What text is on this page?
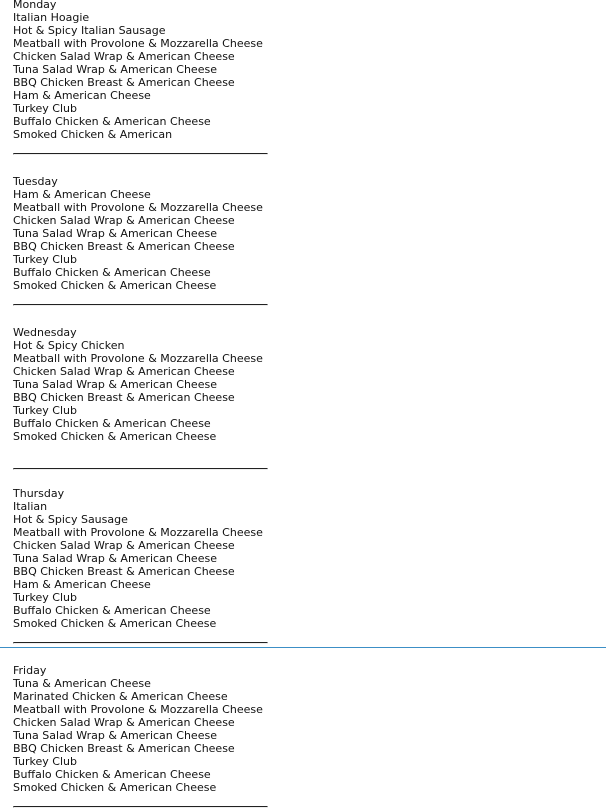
Monday
Italian Hoagie
Hot & Spicy Italian Sausage
Meatball with Provolone & Mozzarella Cheese
Chicken Salad Wrap & American Cheese
Tuna Salad Wrap & American Cheese
BBQ Chicken Breast & American Cheese
Ham & American Cheese
Turkey Club
Buffalo Chicken & American Cheese
Smoked Chicken & American
Tuesday
Ham & American Cheese
Meatball with Provolone & Mozzarella Cheese
Chicken Salad Wrap & American Cheese
Tuna Salad Wrap & American Cheese
BBQ Chicken Breast & American Cheese
Turkey Club
Buffalo Chicken & American Cheese
Smoked Chicken & American Cheese
Wednesday
Hot & Spicy Chicken
Meatball with Provolone & Mozzarella Cheese
Chicken Salad Wrap & American Cheese
Tuna Salad Wrap & American Cheese
BBQ Chicken Breast & American Cheese
Turkey Club
Buffalo Chicken & American Cheese
Smoked Chicken & American Cheese
Thursday
Italian
Hot & Spicy Sausage
Meatball with Provolone & Mozzarella Cheese
Chicken Salad Wrap & American Cheese
Tuna Salad Wrap & American Cheese
BBQ Chicken Breast & American Cheese
Ham & American Cheese
Turkey Club
Buffalo Chicken & American Cheese
Smoked Chicken & American Cheese
Friday
Tuna & American Cheese
Marinated Chicken & American Cheese
Meatball with Provolone & Mozzarella Cheese
Chicken Salad Wrap & American Cheese
Tuna Salad Wrap & American Cheese
BBQ Chicken Breast & American Cheese
Turkey Club
Buffalo Chicken & American Cheese
Smoked Chicken & American Cheese
